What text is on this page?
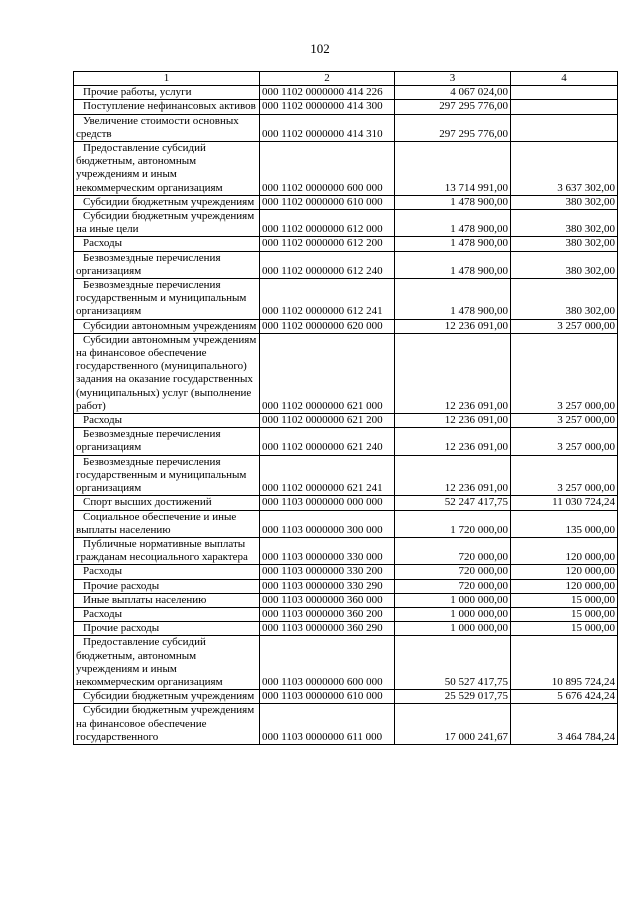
102
1	2	3	4
Прочие работы, услуги	000 1102 0000000 414 226	4 067 024,00	
Поступление нефинансовых активов	000 1102 0000000 414 300	297 295 776,00	
Увеличение стоимости основных средств	000 1102 0000000 414 310	297 295 776,00	
Предоставление субсидий бюджетным, автономным учреждениям и иным некоммерческим организациям	000 1102 0000000 600 000	13 714 991,00	3 637 302,00
Субсидии бюджетным учреждениям	000 1102 0000000 610 000	1 478 900,00	380 302,00
Субсидии бюджетным учреждениям на иные цели	000 1102 0000000 612 000	1 478 900,00	380 302,00
Расходы	000 1102 0000000 612 200	1 478 900,00	380 302,00
Безвозмездные перечисления организациям	000 1102 0000000 612 240	1 478 900,00	380 302,00
Безвозмездные перечисления государственным и муниципальным организациям	000 1102 0000000 612 241	1 478 900,00	380 302,00
Субсидии автономным учреждениям	000 1102 0000000 620 000	12 236 091,00	3 257 000,00
Субсидии автономным учреждениям на финансовое обеспечение государственного (муниципального) задания на оказание государственных (муниципальных) услуг (выполнение работ)	000 1102 0000000 621 000	12 236 091,00	3 257 000,00
Расходы	000 1102 0000000 621 200	12 236 091,00	3 257 000,00
Безвозмездные перечисления организациям	000 1102 0000000 621 240	12 236 091,00	3 257 000,00
Безвозмездные перечисления государственным и муниципальным организациям	000 1102 0000000 621 241	12 236 091,00	3 257 000,00
Спорт высших достижений	000 1103 0000000 000 000	52 247 417,75	11 030 724,24
Социальное обеспечение и иные выплаты населению	000 1103 0000000 300 000	1 720 000,00	135 000,00
Публичные нормативные выплаты гражданам несоциального характера	000 1103 0000000 330 000	720 000,00	120 000,00
Расходы	000 1103 0000000 330 200	720 000,00	120 000,00
Прочие расходы	000 1103 0000000 330 290	720 000,00	120 000,00
Иные выплаты населению	000 1103 0000000 360 000	1 000 000,00	15 000,00
Расходы	000 1103 0000000 360 200	1 000 000,00	15 000,00
Прочие расходы	000 1103 0000000 360 290	1 000 000,00	15 000,00
Предоставление субсидий бюджетным, автономным учреждениям и иным некоммерческим организациям	000 1103 0000000 600 000	50 527 417,75	10 895 724,24
Субсидии бюджетным учреждениям	000 1103 0000000 610 000	25 529 017,75	5 676 424,24
Субсидии бюджетным учреждениям на финансовое обеспечение государственного	000 1103 0000000 611 000	17 000 241,67	3 464 784,24
